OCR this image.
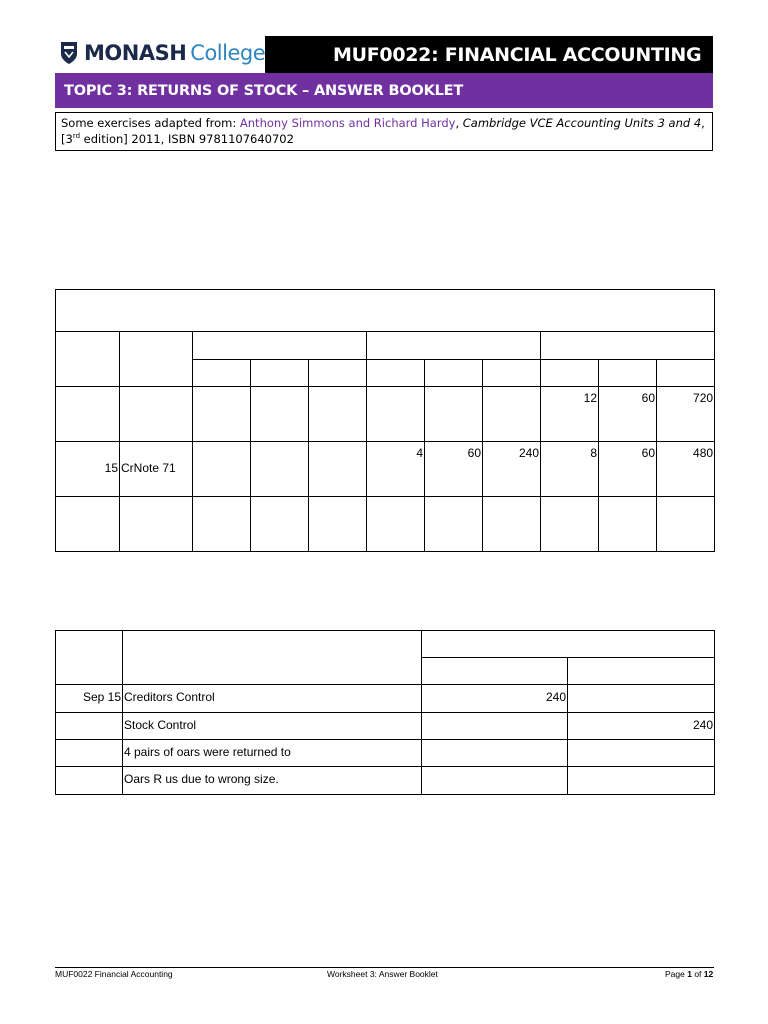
MONASH College	MUF0022: FINANCIAL ACCOUNTING
TOPIC 3: RETURNS OF STOCK – ANSWER BOOKLET
Some exercises adapted from: Anthony Simmons and Richard Hardy, Cambridge VCE Accounting Units 3 and 4, [3rd edition] 2011, ISBN 9781107640702

								12	60	720
15	CrNote 71				4	60	240	8	60	480

Sep 15	Creditors Control	240	
	Stock Control		240
	4 pairs of oars were returned to		
	Oars R us due to wrong size.		
MUF0022 Financial Accounting	Worksheet 3: Answer Booklet	Page 1 of 12
